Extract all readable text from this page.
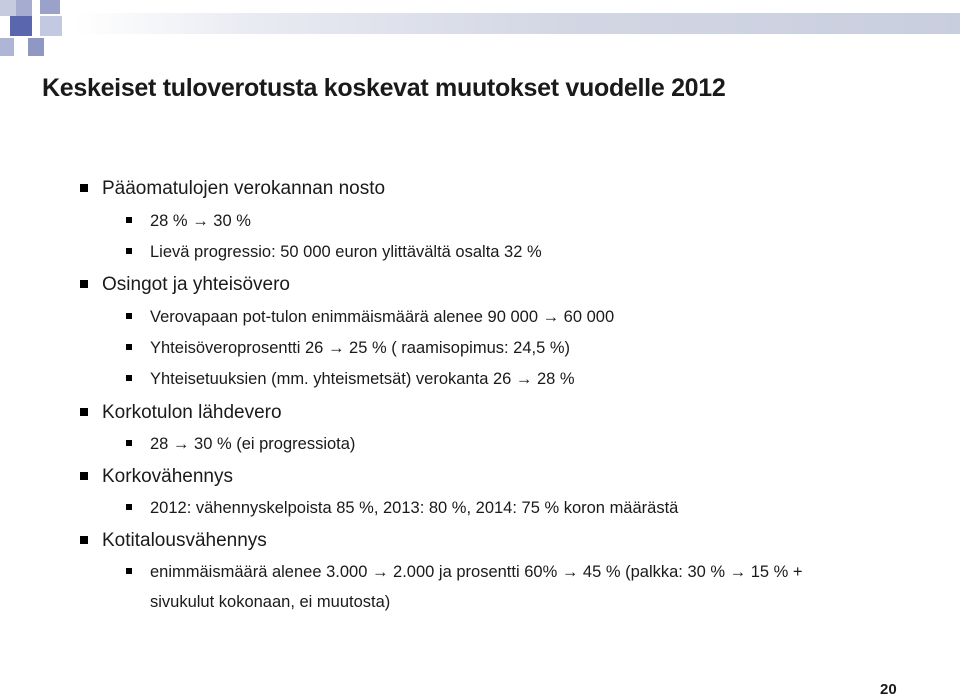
Keskeiset tuloverotusta koskevat muutokset vuodelle 2012
Pääomatulojen verokannan nosto
28 % → 30 %
Lievä progressio: 50 000 euron ylittävältä osalta 32 %
Osingot ja yhteisövero
Verovapaan pot-tulon enimmäismäärä alenee 90 000 → 60 000
Yhteisöveroprosentti 26 → 25 % ( raamisopimus: 24,5 %)
Yhteisetuuksien (mm. yhteismetsät) verokanta 26 → 28 %
Korkotulon lähdevero
28 → 30 % (ei progressiota)
Korkovähennys
2012: vähennyskelpoista 85 %, 2013: 80 %, 2014: 75 % koron määrästä
Kotitalousvähennys
enimmäismäärä alenee 3.000 → 2.000 ja prosentti 60% → 45 % (palkka: 30 % → 15 % +
sivukulut kokonaan, ei muutosta)
20
